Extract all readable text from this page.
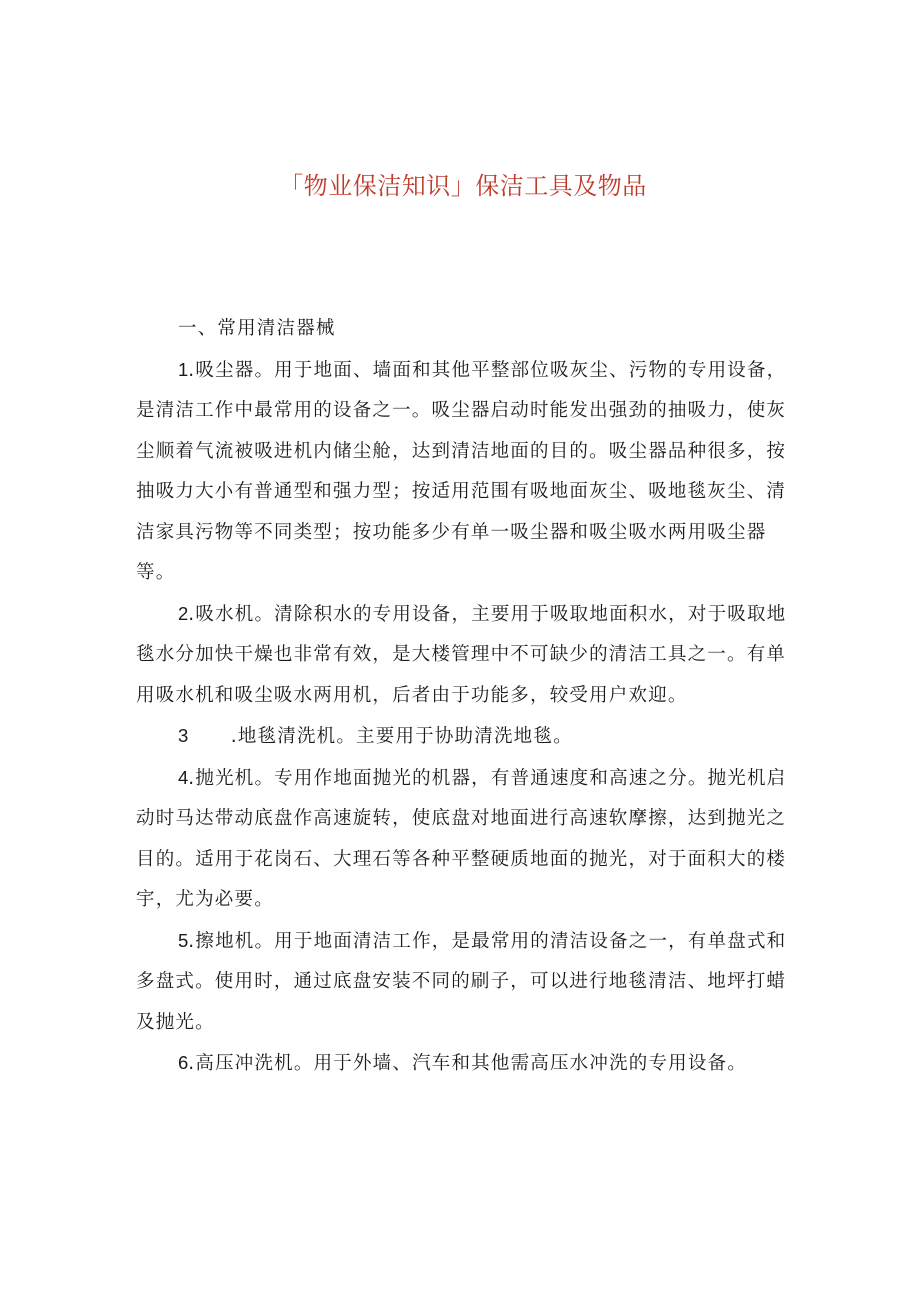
「物业保洁知识」保洁工具及物品

一、常用清洁器械

1.吸尘器。用于地面、墙面和其他平整部位吸灰尘、污物的专用设备，是清洁工作中最常用的设备之一。吸尘器启动时能发出强劲的抽吸力，使灰尘顺着气流被吸进机内储尘舱，达到清洁地面的目的。吸尘器品种很多，按抽吸力大小有普通型和强力型；按适用范围有吸地面灰尘、吸地毯灰尘、清洁家具污物等不同类型；按功能多少有单一吸尘器和吸尘吸水两用吸尘器等。

2.吸水机。清除积水的专用设备，主要用于吸取地面积水，对于吸取地毯水分加快干燥也非常有效，是大楼管理中不可缺少的清洁工具之一。有单用吸水机和吸尘吸水两用机，后者由于功能多，较受用户欢迎。

3      .地毯清洗机。主要用于协助清洗地毯。

4.抛光机。专用作地面抛光的机器，有普通速度和高速之分。抛光机启动时马达带动底盘作高速旋转，使底盘对地面进行高速软摩擦，达到抛光之目的。适用于花岗石、大理石等各种平整硬质地面的抛光，对于面积大的楼宇，尤为必要。

5.擦地机。用于地面清洁工作，是最常用的清洁设备之一，有单盘式和多盘式。使用时，通过底盘安装不同的刷子，可以进行地毯清洁、地坪打蜡及抛光。

6.高压冲洗机。用于外墙、汽车和其他需高压水冲洗的专用设备。
